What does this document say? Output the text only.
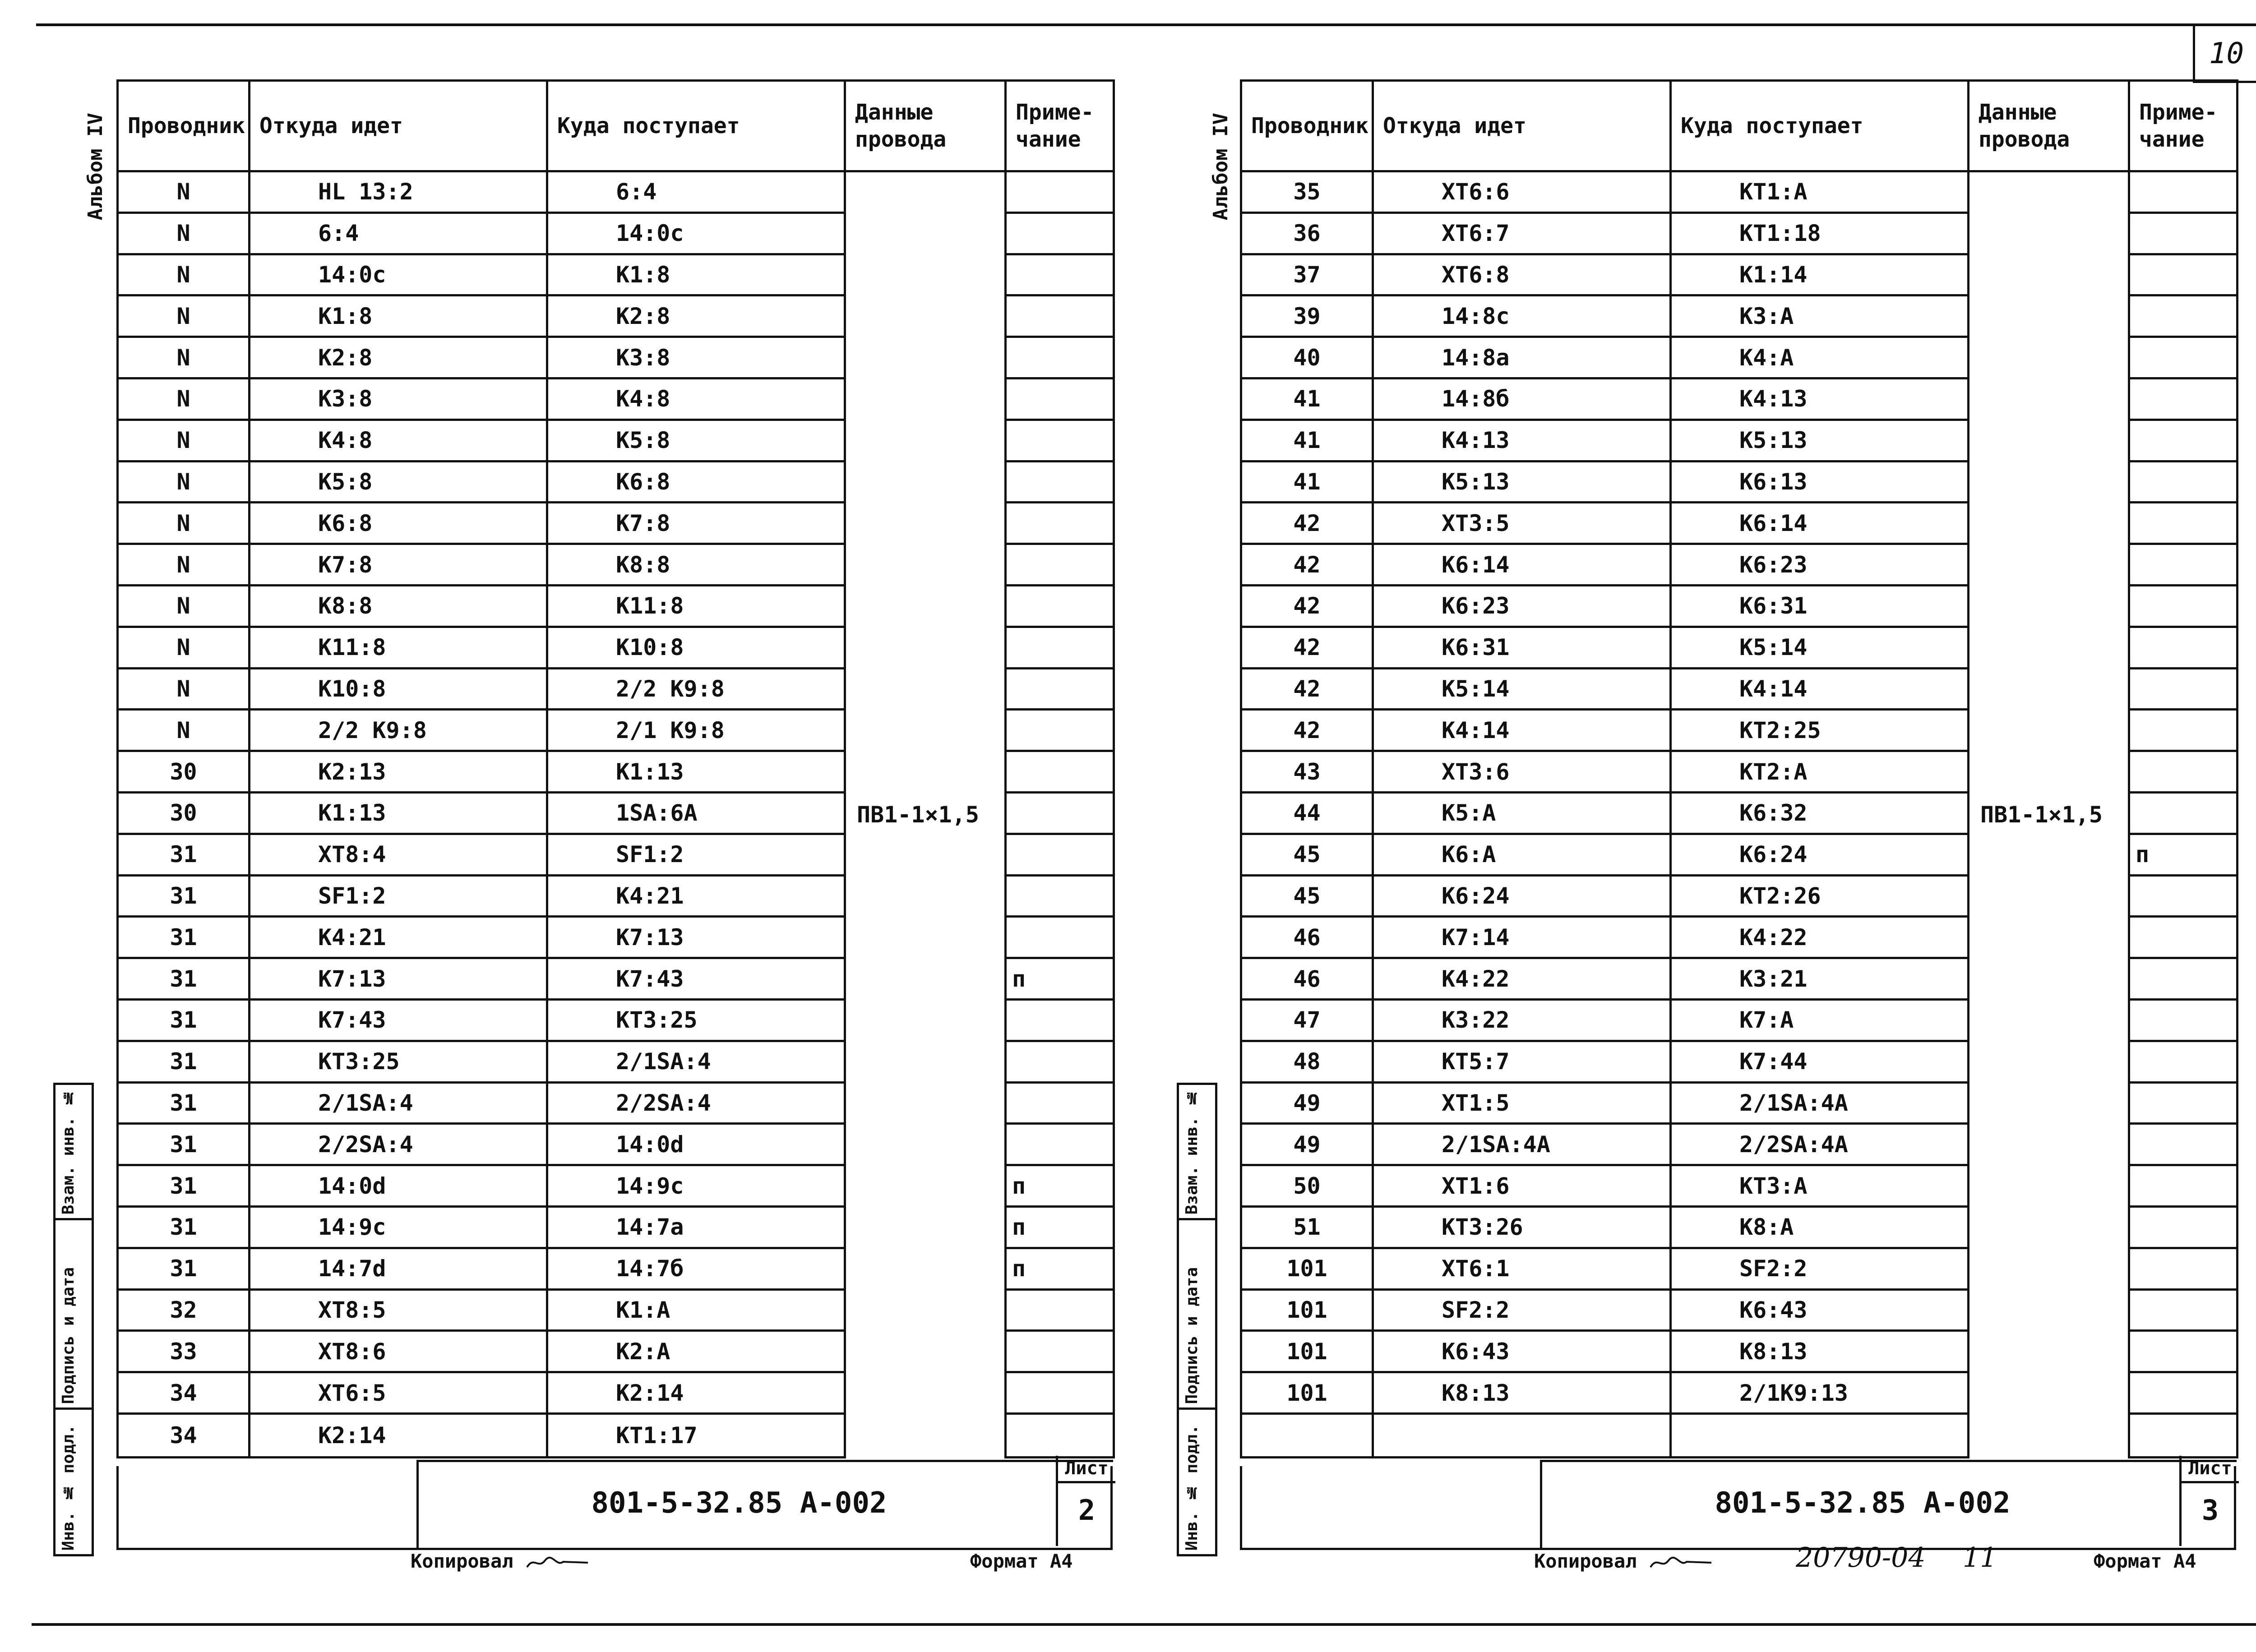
10
Альбом IV
Взам. инв. №
Подпись и дата
Инв. № подл.
Альбом IV
Взам. инв. №
Подпись и дата
Инв. № подл.
Проводник	Откуда идет	Куда поступает	Данные провода	Приме-чание
N	HL 13:2	6:4	ПВ1-1×1,5	

N	6:4	14:0с		
N	14:0с	К1:8		
N	К1:8	К2:8		
N	К2:8	К3:8		
N	К3:8	К4:8		
N	К4:8	К5:8		
N	К5:8	К6:8		
N	К6:8	К7:8		
N	К7:8	К8:8		
N	К8:8	К11:8		
N	К11:8	К10:8		
N	К10:8	2/2 К9:8		
N	2/2 К9:8	2/1 К9:8		
30	К2:13	К1:13		
30	К1:13	1SА:6А		
31	ХТ8:4	SF1:2		
31	SF1:2	К4:21		
31	К4:21	К7:13		
31	К7:13	К7:43		п
31	К7:43	КТ3:25		
31	КТ3:25	2/1SА:4		
31	2/1SА:4	2/2SА:4		
31	2/2SА:4	14:0d		
31	14:0d	14:9с		п
31	14:9с	14:7а		п
31	14:7d	14:7б		п
32	ХТ8:5	К1:А		
33	ХТ8:6	К2:А		
34	ХТ6:5	К2:14		
34	К2:14	КТ1:17		
801-5-32.85 А-002
Лист
2
Копировал	Формат А4
Проводник	Откуда идет	Куда поступает	Данные провода	Приме-чание
35	ХТ6:6	КТ1:А	ПВ1-1×1,5	

36	ХТ6:7	КТ1:18		
37	ХТ6:8	К1:14		
39	14:8с	К3:А		
40	14:8а	К4:А		
41	14:8б	К4:13		
41	К4:13	К5:13		
41	К5:13	К6:13		
42	ХТ3:5	К6:14		
42	К6:14	К6:23		
42	К6:23	К6:31		
42	К6:31	К5:14		
42	К5:14	К4:14		
42	К4:14	КТ2:25		
43	ХТ3:6	КТ2:А		
44	К5:А	К6:32		
45	К6:А	К6:24		п
45	К6:24	КТ2:26		
46	К7:14	К4:22		
46	К4:22	К3:21		
47	К3:22	К7:А		
48	КТ5:7	К7:44		
49	ХТ1:5	2/1SА:4А		
49	2/1SА:4А	2/2SА:4А		
50	ХТ1:6	КТ3:А		
51	КТ3:26	К8:А		
101	ХТ6:1	SF2:2		
101	SF2:2	К6:43		
101	К6:43	К8:13		
101	К8:13	2/1К9:13		

801-5-32.85 А-002
Лист
3
Копировал	20790-04 11	Формат А4
